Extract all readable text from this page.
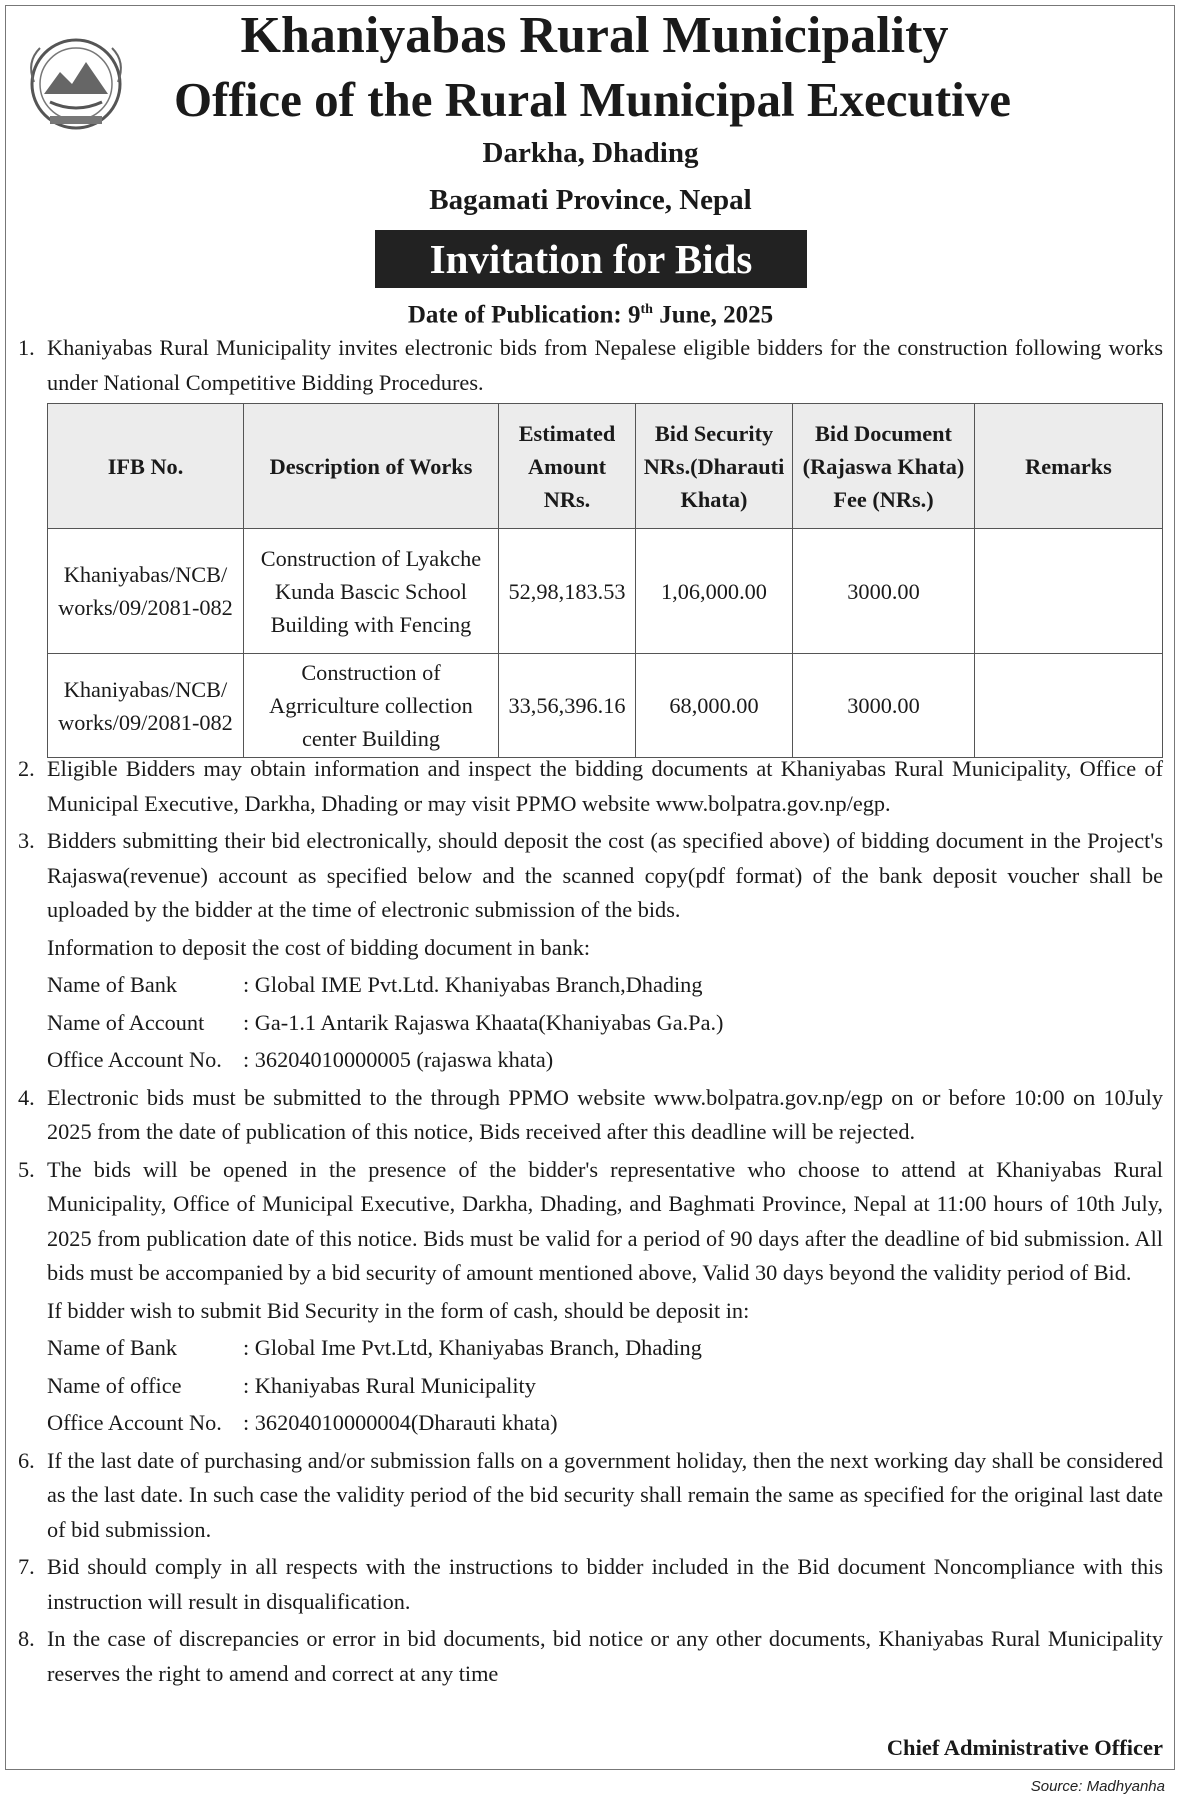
Khaniyabas Rural Municipality
Office of the Rural Municipal Executive
Darkha, Dhading
Bagamati Province, Nepal
Invitation for Bids
Date of Publication: 9th June, 2025
1. Khaniyabas Rural Municipality invites electronic bids from Nepalese eligible bidders for the construction following works under National Competitive Bidding Procedures.
IFB No.	Description of Works	Estimated Amount NRs.	Bid Security NRs.(Dharauti Khata)	Bid Document (Rajaswa Khata) Fee (NRs.)	Remarks
Khaniyabas/NCB/ works/09/2081-082	Construction of Lyakche Kunda Bascic School Building with Fencing	52,98,183.53	1,06,000.00	3000.00	
Khaniyabas/NCB/ works/09/2081-082	Construction of Agrriculture collection center Building	33,56,396.16	68,000.00	3000.00	
2. Eligible Bidders may obtain information and inspect the bidding documents at Khaniyabas Rural Municipality, Office of Municipal Executive, Darkha, Dhading or may visit PPMO website www.bolpatra.gov.np/egp.
3. Bidders submitting their bid electronically, should deposit the cost (as specified above) of bidding document in the Project's Rajaswa(revenue) account as specified below and the scanned copy(pdf format) of the bank deposit voucher shall be uploaded by the bidder at the time of electronic submission of the bids.
Information to deposit the cost of bidding document in bank:
Name of Bank	: Global IME Pvt.Ltd. Khaniyabas Branch,Dhading
Name of Account : Ga-1.1 Antarik Rajaswa Khaata(Khaniyabas Ga.Pa.)
Office Account No. : 36204010000005 (rajaswa khata)
4. Electronic bids must be submitted to the through PPMO website www.bolpatra.gov.np/egp on or before 10:00 on 10July 2025 from the date of publication of this notice, Bids received after this deadline will be rejected.
5. The bids will be opened in the presence of the bidder's representative who choose to attend at Khaniyabas Rural Municipality, Office of Municipal Executive, Darkha, Dhading, and Baghmati Province, Nepal at 11:00 hours of 10th July, 2025 from publication date of this notice. Bids must be valid for a period of 90 days after the deadline of bid submission. All bids must be accompanied by a bid security of amount mentioned above, Valid 30 days beyond the validity period of Bid.
If bidder wish to submit Bid Security in the form of cash, should be deposit in:
Name of Bank	: Global Ime Pvt.Ltd, Khaniyabas Branch, Dhading
Name of office	: Khaniyabas Rural Municipality
Office Account No. : 36204010000004(Dharauti khata)
6. If the last date of purchasing and/or submission falls on a government holiday, then the next working day shall be considered as the last date. In such case the validity period of the bid security shall remain the same as specified for the original last date of bid submission.
7. Bid should comply in all respects with the instructions to bidder included in the Bid document Noncompliance with this instruction will result in disqualification.
8. In the case of discrepancies or error in bid documents, bid notice or any other documents, Khaniyabas Rural Municipality reserves the right to amend and correct at any time
Chief Administrative Officer
Source: Madhyanha
